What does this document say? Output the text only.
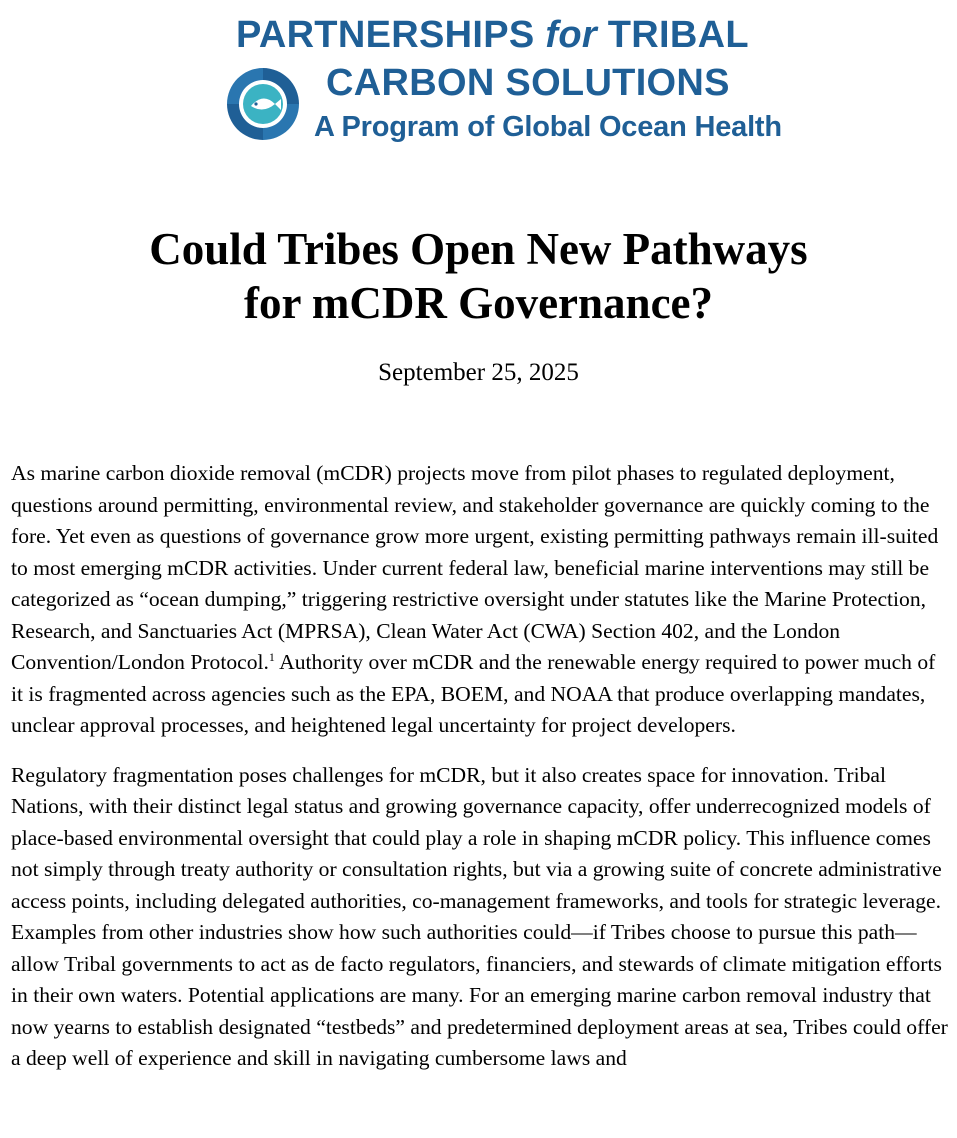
PARTNERSHIPS for TRIBAL

CARBON SOLUTIONS

A Program of Global Ocean Health

Could Tribes Open New Pathways
for mCDR Governance?

September 25, 2025

As marine carbon dioxide removal (mCDR) projects move from pilot phases to regulated deployment, questions around permitting, environmental review, and stakeholder governance are quickly coming to the fore. Yet even as questions of governance grow more urgent, existing permitting pathways remain ill-suited to most emerging mCDR activities. Under current federal law, beneficial marine interventions may still be categorized as “ocean dumping,” triggering restrictive oversight under statutes like the Marine Protection, Research, and Sanctuaries Act (MPRSA), Clean Water Act (CWA) Section 402, and the London Convention/London Protocol.$^1$ Authority over mCDR and the renewable energy required to power much of it is fragmented across agencies such as the EPA, BOEM, and NOAA that produce overlapping mandates, unclear approval processes, and heightened legal uncertainty for project developers.

Regulatory fragmentation poses challenges for mCDR, but it also creates space for innovation. Tribal Nations, with their distinct legal status and growing governance capacity, offer underrecognized models of place-based environmental oversight that could play a role in shaping mCDR policy. This influence comes not simply through treaty authority or consultation rights, but via a growing suite of concrete administrative access points, including delegated authorities, co-management frameworks, and tools for strategic leverage. Examples from other industries show how such authorities could—if Tribes choose to pursue this path— allow Tribal governments to act as de facto regulators, financiers, and stewards of climate mitigation efforts in their own waters. Potential applications are many. For an emerging marine carbon removal industry that now yearns to establish designated “testbeds” and predetermined deployment areas at sea, Tribes could offer a deep well of experience and skill in navigating cumbersome laws and
